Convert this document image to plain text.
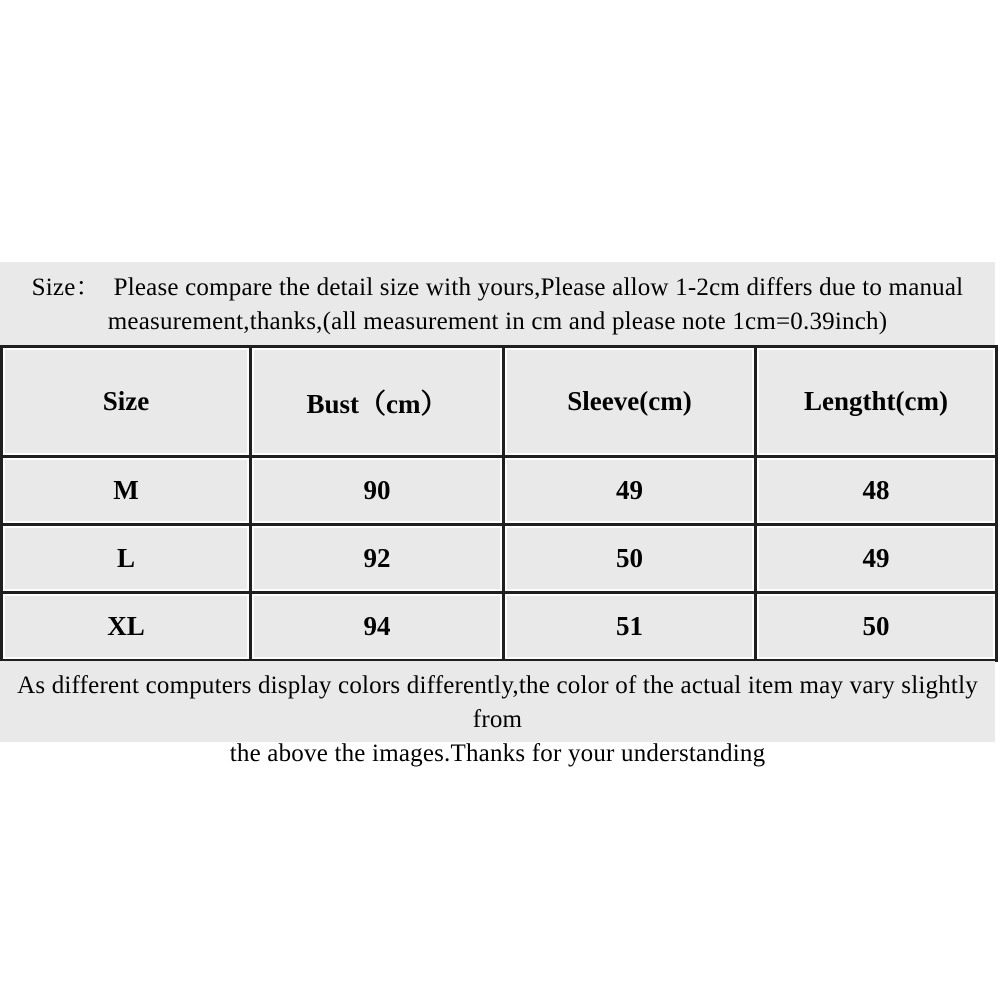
Size：  Please compare the detail size with yours,Please allow 1-2cm differs due to manual
measurement,thanks,(all measurement in cm and please note 1cm=0.39inch)
Size	Bust（cm）	Sleeve(cm)	Lengtht(cm)
M	90	49	48
L	92	50	49
XL	94	51	50
As different computers display colors differently,the color of the actual item may vary slightly from
the above the images.Thanks for your understanding
